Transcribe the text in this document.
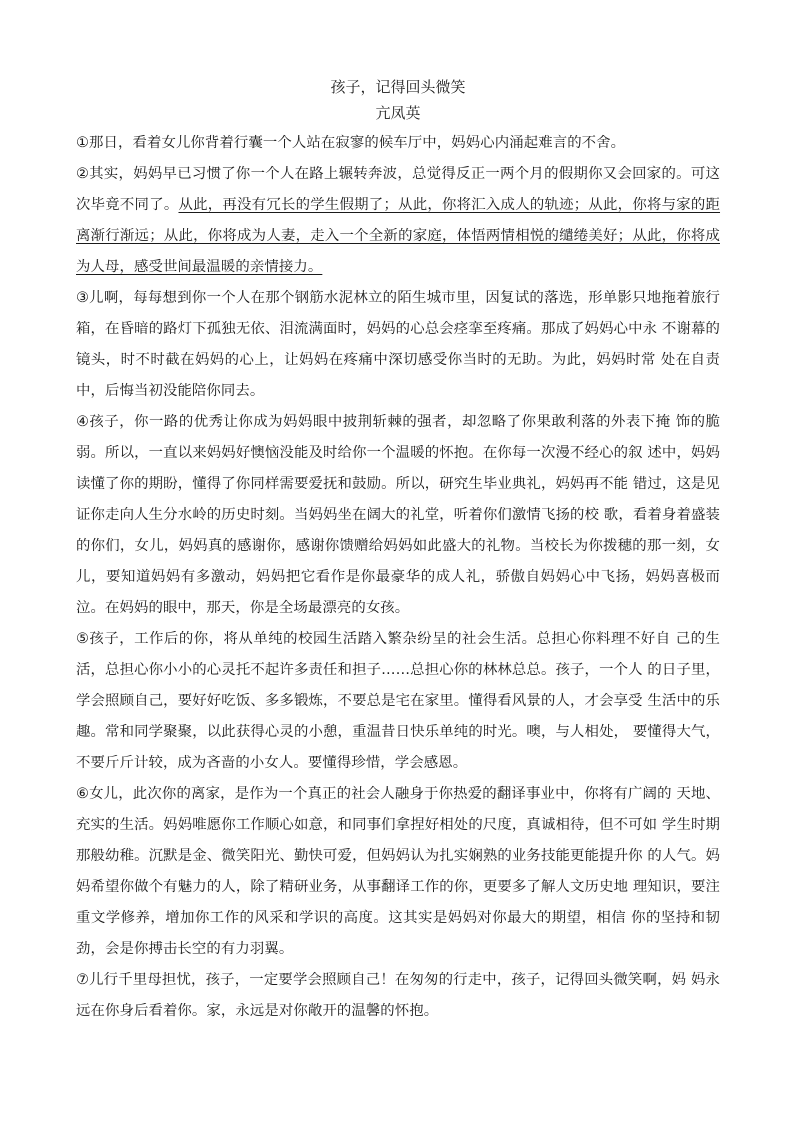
孩子，记得回头微笑

亢凤英

①那日，看着女儿你背着行囊一个人站在寂寥的候车厅中，妈妈心内涌起难言的不舍。

②其实，妈妈早已习惯了你一个人在路上辗转奔波，总觉得反正一两个月的假期你又会回家的。可这次毕竟不同了。从此，再没有冗长的学生假期了；从此，你将汇入成人的轨迹；从此，你将与家的距离渐行渐远；从此，你将成为人妻，走入一个全新的家庭，体悟两情相悦的缱绻美好；从此，你将成为人母，感受世间最温暖的亲情接力。

③儿啊，每每想到你一个人在那个钢筋水泥林立的陌生城市里，因复试的落选，形单影只地拖着旅行箱，在昏暗的路灯下孤独无依、泪流满面时，妈妈的心总会痉挛至疼痛。那成了妈妈心中永 不谢幕的镜头，时不时截在妈妈的心上，让妈妈在疼痛中深切感受你当时的无助。为此，妈妈时常 处在自责中，后悔当初没能陪你同去。

④孩子，你一路的优秀让你成为妈妈眼中披荆斩棘的强者，却忽略了你果敢利落的外表下掩 饰的脆弱。所以，一直以来妈妈好懊恼没能及时给你一个温暖的怀抱。在你每一次漫不经心的叙 述中，妈妈读懂了你的期盼，懂得了你同样需要爱抚和鼓励。所以，研究生毕业典礼，妈妈再不能 错过，这是见证你走向人生分水岭的历史时刻。当妈妈坐在阔大的礼堂，听着你们激情飞扬的校 歌，看着身着盛装的你们，女儿，妈妈真的感谢你，感谢你馈赠给妈妈如此盛大的礼物。当校长为你拨穗的那一刻，女儿，要知道妈妈有多激动，妈妈把它看作是你最豪华的成人礼，骄傲自妈妈心中飞扬，妈妈喜极而泣。在妈妈的眼中，那天，你是全场最漂亮的女孩。

⑤孩子，工作后的你，将从单纯的校园生活踏入繁杂纷呈的社会生活。总担心你料理不好自 己的生活，总担心你小小的心灵托不起许多责任和担子……总担心你的林林总总。孩子，一个人 的日子里，学会照顾自己，要好好吃饭、多多锻炼，不要总是宅在家里。懂得看风景的人，才会享受 生活中的乐趣。常和同学聚聚，以此获得心灵的小憩，重温昔日快乐单纯的时光。噢，与人相处， 要懂得大气，不要斤斤计较，成为吝啬的小女人。要懂得珍惜，学会感恩。

⑥女儿，此次你的离家，是作为一个真正的社会人融身于你热爱的翻译事业中，你将有广阔的 天地、充实的生活。妈妈唯愿你工作顺心如意，和同事们拿捏好相处的尺度，真诚相待，但不可如 学生时期那般幼稚。沉默是金、微笑阳光、勤快可爱，但妈妈认为扎实娴熟的业务技能更能提升你 的人气。妈妈希望你做个有魅力的人，除了精研业务，从事翻译工作的你，更要多了解人文历史地 理知识，要注重文学修养，增加你工作的风采和学识的高度。这其实是妈妈对你最大的期望，相信 你的坚持和韧劲，会是你搏击长空的有力羽翼。

⑦儿行千里母担忧，孩子，一定要学会照顾自己！在匆匆的行走中，孩子，记得回头微笑啊，妈 妈永远在你身后看着你。家，永远是对你敞开的温馨的怀抱。
